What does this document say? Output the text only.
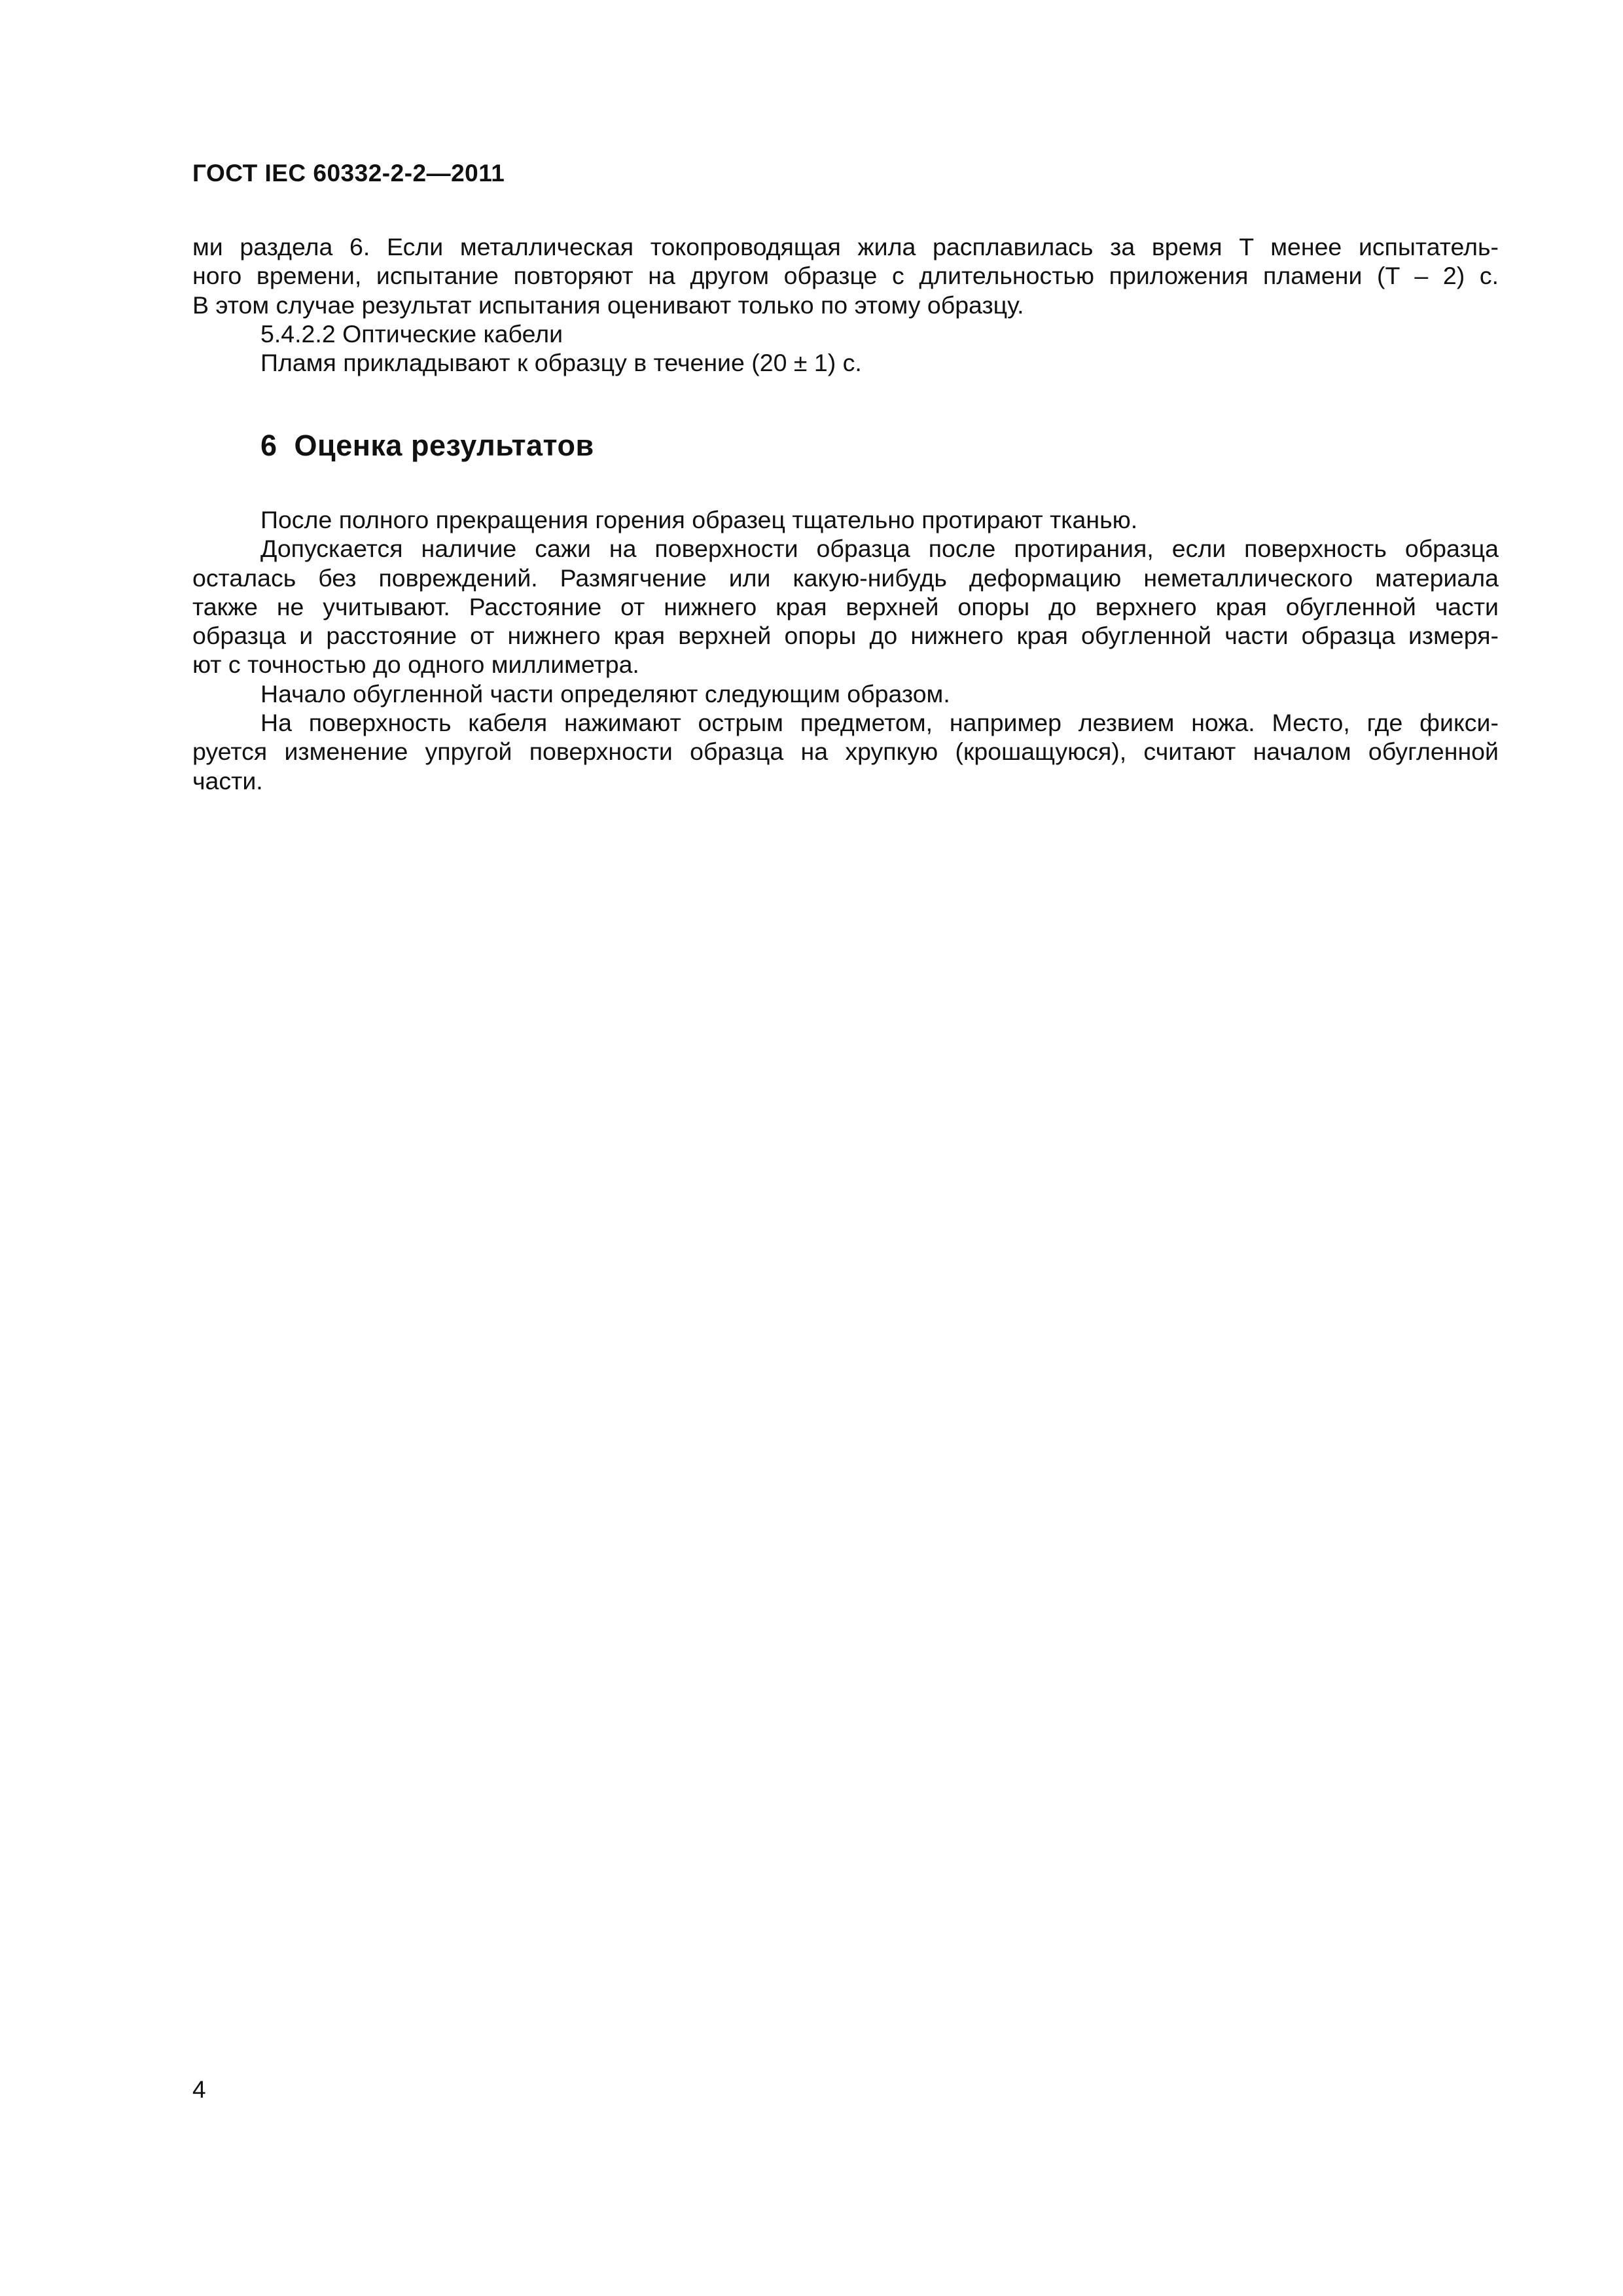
ГОСТ IEC 60332-2-2—2011

ми раздела 6. Если металлическая токопроводящая жила расплавилась за время T менее испытатель-

ного времени, испытание повторяют на другом образце с длительностью приложения пламени (T – 2) с.

В этом случае результат испытания оценивают только по этому образцу.

5.4.2.2 Оптические кабели

Пламя прикладывают к образцу в течение (20 ± 1) с.

6 Оценка результатов

После полного прекращения горения образец тщательно протирают тканью.

Допускается наличие сажи на поверхности образца после протирания, если поверхность образца

осталась без повреждений. Размягчение или какую-нибудь деформацию неметаллического материала

также не учитывают. Расстояние от нижнего края верхней опоры до верхнего края обугленной части

образца и расстояние от нижнего края верхней опоры до нижнего края обугленной части образца измеря-

ют с точностью до одного миллиметра.

Начало обугленной части определяют следующим образом.

На поверхность кабеля нажимают острым предметом, например лезвием ножа. Место, где фикси-

руется изменение упругой поверхности образца на хрупкую (крошащуюся), считают началом обугленной

части.

4
